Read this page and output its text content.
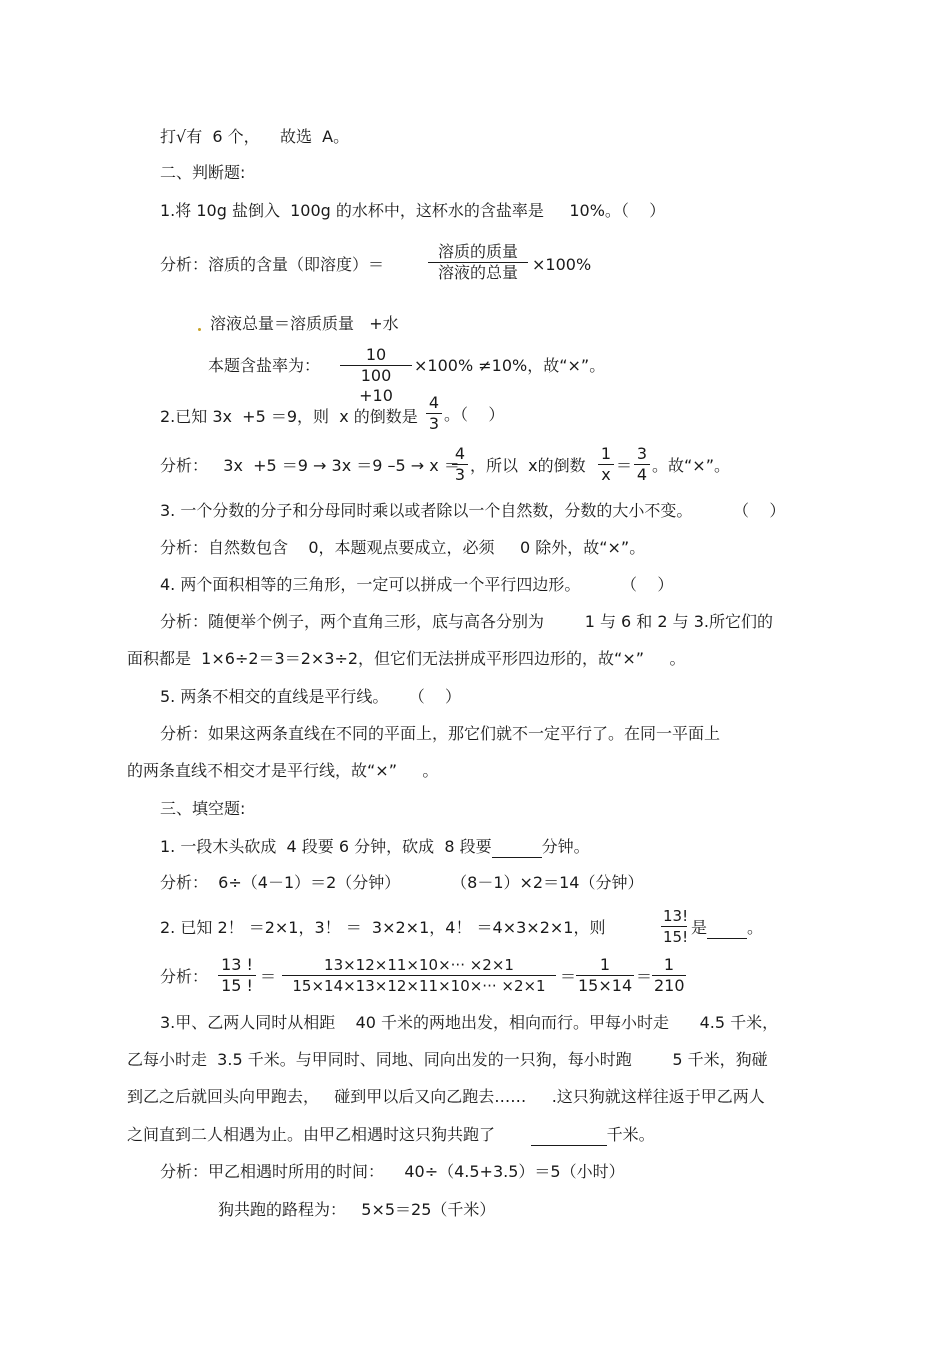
打√有  6 个，    故选  A。
二、判断题:
1.将 10g 盐倒入  100g 的水杯中，这杯水的含盐率是     10%。（    ）
分析：溶质的含量（即溶度）＝
溶质的质量
溶液的总量 ×100%
溶液总量＝溶质质量   +水
本题含盐率为： $\frac{10}{100 +10} \times 100\% \ne 10\%$，故“×”。
2.已知 3x  +5 ＝9，则  x 的倒数是 $\frac{4}{3}$ 。（    ）
分析：   3x  +5 ＝9 → 3x ＝9 –5 → x ＝
$\frac{4}{3}$ ，所以  x的倒数 $\frac{1}{x} = \frac{3}{4}$ 。故“×”。
3. 一个分数的分子和分母同时乘以或者除以一个自然数，分数的大小不变。        （    ）
分析：自然数包含    0，本题观点要成立，必须     0 除外，故“×”。
4. 两个面积相等的三角形，一定可以拼成一个平行四边形。        （    ）
分析：随便举个例子，两个直角三形，底与高各分别为        1 与 6 和 2 与 3.所它们的
面积都是  1×6÷2＝3＝2×3÷2，但它们无法拼成平形四边形的，故“×”     。
5. 两条不相交的直线是平行线。    （    ）
分析：如果这两条直线在不同的平面上，那它们就不一定平行了。在同一平面上
的两条直线不相交才是平行线，故“×”     。
三、填空题:
1. 一段木头砍成  4 段要 6 分钟，砍成  8 段要	分钟。
分析：  6÷（4－1）＝2（分钟）          （8－1）×2＝14（分钟）
2. 已知 2！ ＝2×1，3！ ＝  3×2×1，4！ ＝4×3×2×1，则	$\frac{13!}{15!}$ 是	。
分析： $\frac{13 !}{15 !} = \frac{13\times 12\times 11\times 10\times\cdot\cdot\cdot \times 2\times 1}{15\times 14\times 13\times 12\times 11\times 10\times\cdot\cdot\cdot \times 2\times 1} = \frac{1}{15\times 14} = \frac{1}{210}$
3.甲、乙两人同时从相距    40 千米的两地出发，相向而行。甲每小时走      4.5 千米，
乙每小时走  3.5 千米。与甲同时、同地、同向出发的一只狗，每小时跑        5 千米，狗碰
到乙之后就回头向甲跑去，   碰到甲以后又向乙跑去……     .这只狗就这样往返于甲乙两人
之间直到二人相遇为止。由甲乙相遇时这只狗共跑了	千米。
分析：甲乙相遇时所用的时间：    40÷（4.5+3.5）＝5（小时）
狗共跑的路程为：   5×5＝25（千米）
